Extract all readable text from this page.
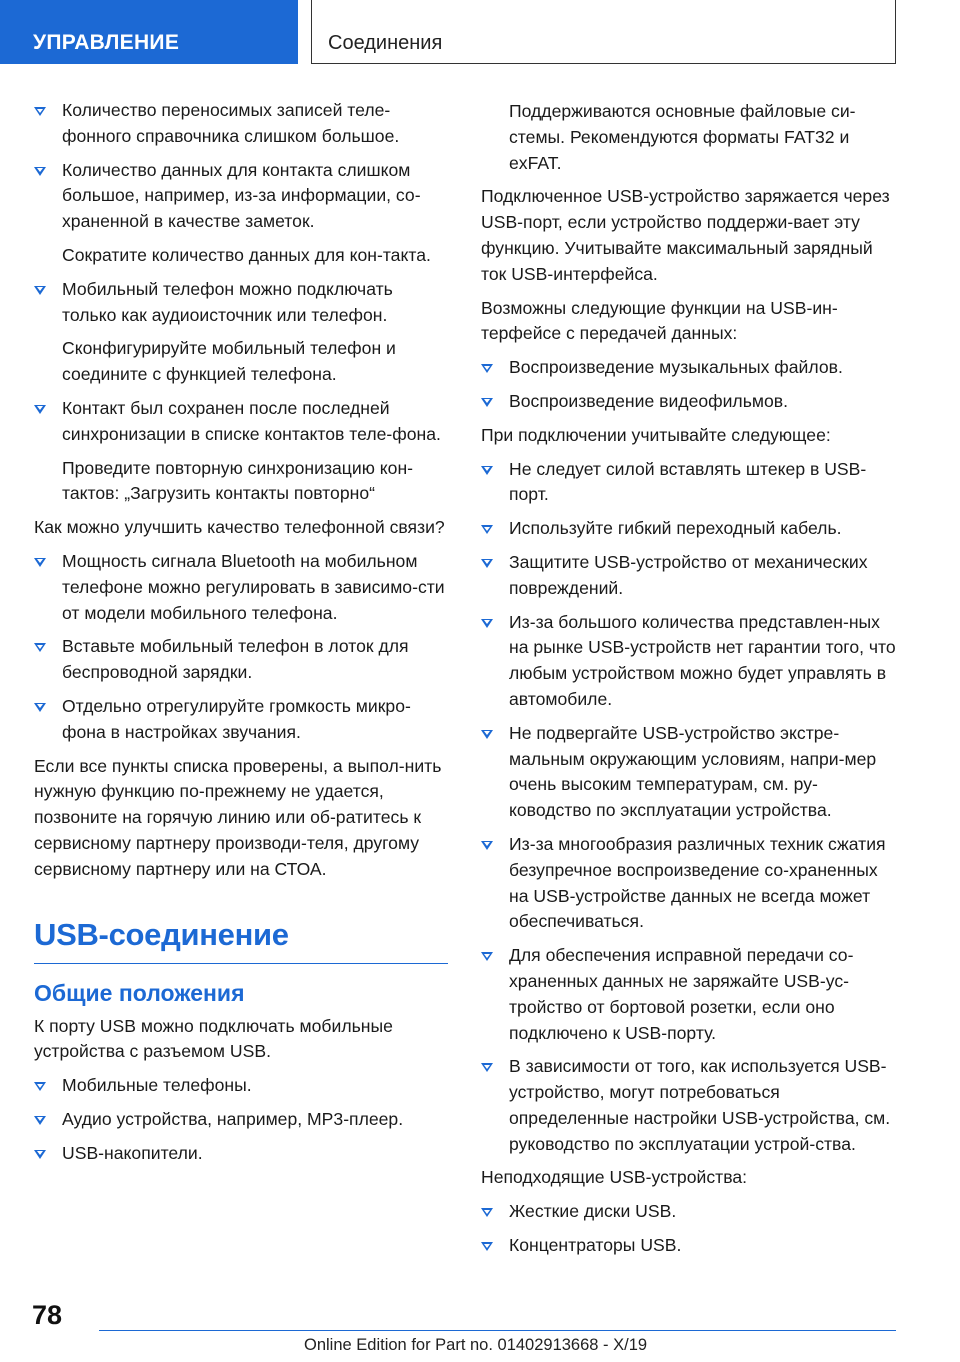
УПРАВЛЕНИЕ	Соединения
Количество переносимых записей теле-фонного справочника слишком большое.
Количество данных для контакта слишком большое, например, из-за информации, со-храненной в качестве заметок.
Сократите количество данных для кон-такта.
Мобильный телефон можно подключать только как аудиоисточник или телефон.
Сконфигурируйте мобильный телефон и соедините с функцией телефона.
Контакт был сохранен после последней синхронизации в списке контактов теле-фона.
Проведите повторную синхронизацию кон-тактов: „Загрузить контакты повторно“

Как можно улучшить качество телефонной связи?

Мощность сигнала Bluetooth на мобильном телефоне можно регулировать в зависимо-сти от модели мобильного телефона.
Вставьте мобильный телефон в лоток для беспроводной зарядки.
Отдельно отрегулируйте громкость микро-фона в настройках звучания.

Если все пункты списка проверены, а выпол-нить нужную функцию по-прежнему не удается, позвоните на горячую линию или об-ратитесь к сервисному партнеру производи-теля, другому сервисному партнеру или на СТОА.

USB-соединение
Общие положения

К порту USB можно подключать мобильные устройства с разъемом USB.

Мобильные телефоны.
Аудио устройства, например, MP3-плеер.
USB-накопители.
Поддерживаются основные файловые си-стемы. Рекомендуются форматы FAT32 и exFAT.

Подключенное USB-устройство заряжается через USB-порт, если устройство поддержи-вает эту функцию. Учитывайте максимальный зарядный ток USB-интерфейса.

Возможны следующие функции на USB-ин-терфейсе с передачей данных:

Воспроизведение музыкальных файлов.
Воспроизведение видеофильмов.

При подключении учитывайте следующее:

Не следует силой вставлять штекер в USB-порт.
Используйте гибкий переходный кабель.
Защитите USB-устройство от механических повреждений.
Из-за большого количества представлен-ных на рынке USB-устройств нет гарантии того, что любым устройством можно будет управлять в автомобиле.
Не подвергайте USB-устройство экстре-мальным окружающим условиям, напри-мер очень высоким температурам, см. ру-ководство по эксплуатации устройства.
Из-за многообразия различных техник сжатия безупречное воспроизведение со-храненных на USB-устройстве данных не всегда может обеспечиваться.
Для обеспечения исправной передачи со-храненных данных не заряжайте USB-ус-тройство от бортовой розетки, если оно подключено к USB-порту.
В зависимости от того, как используется USB-устройство, могут потребоваться определенные настройки USB-устройства, см. руководство по эксплуатации устрой-ства.

Неподходящие USB-устройства:

Жесткие диски USB.
Концентраторы USB.
78
Online Edition for Part no. 01402913668 - X/19
